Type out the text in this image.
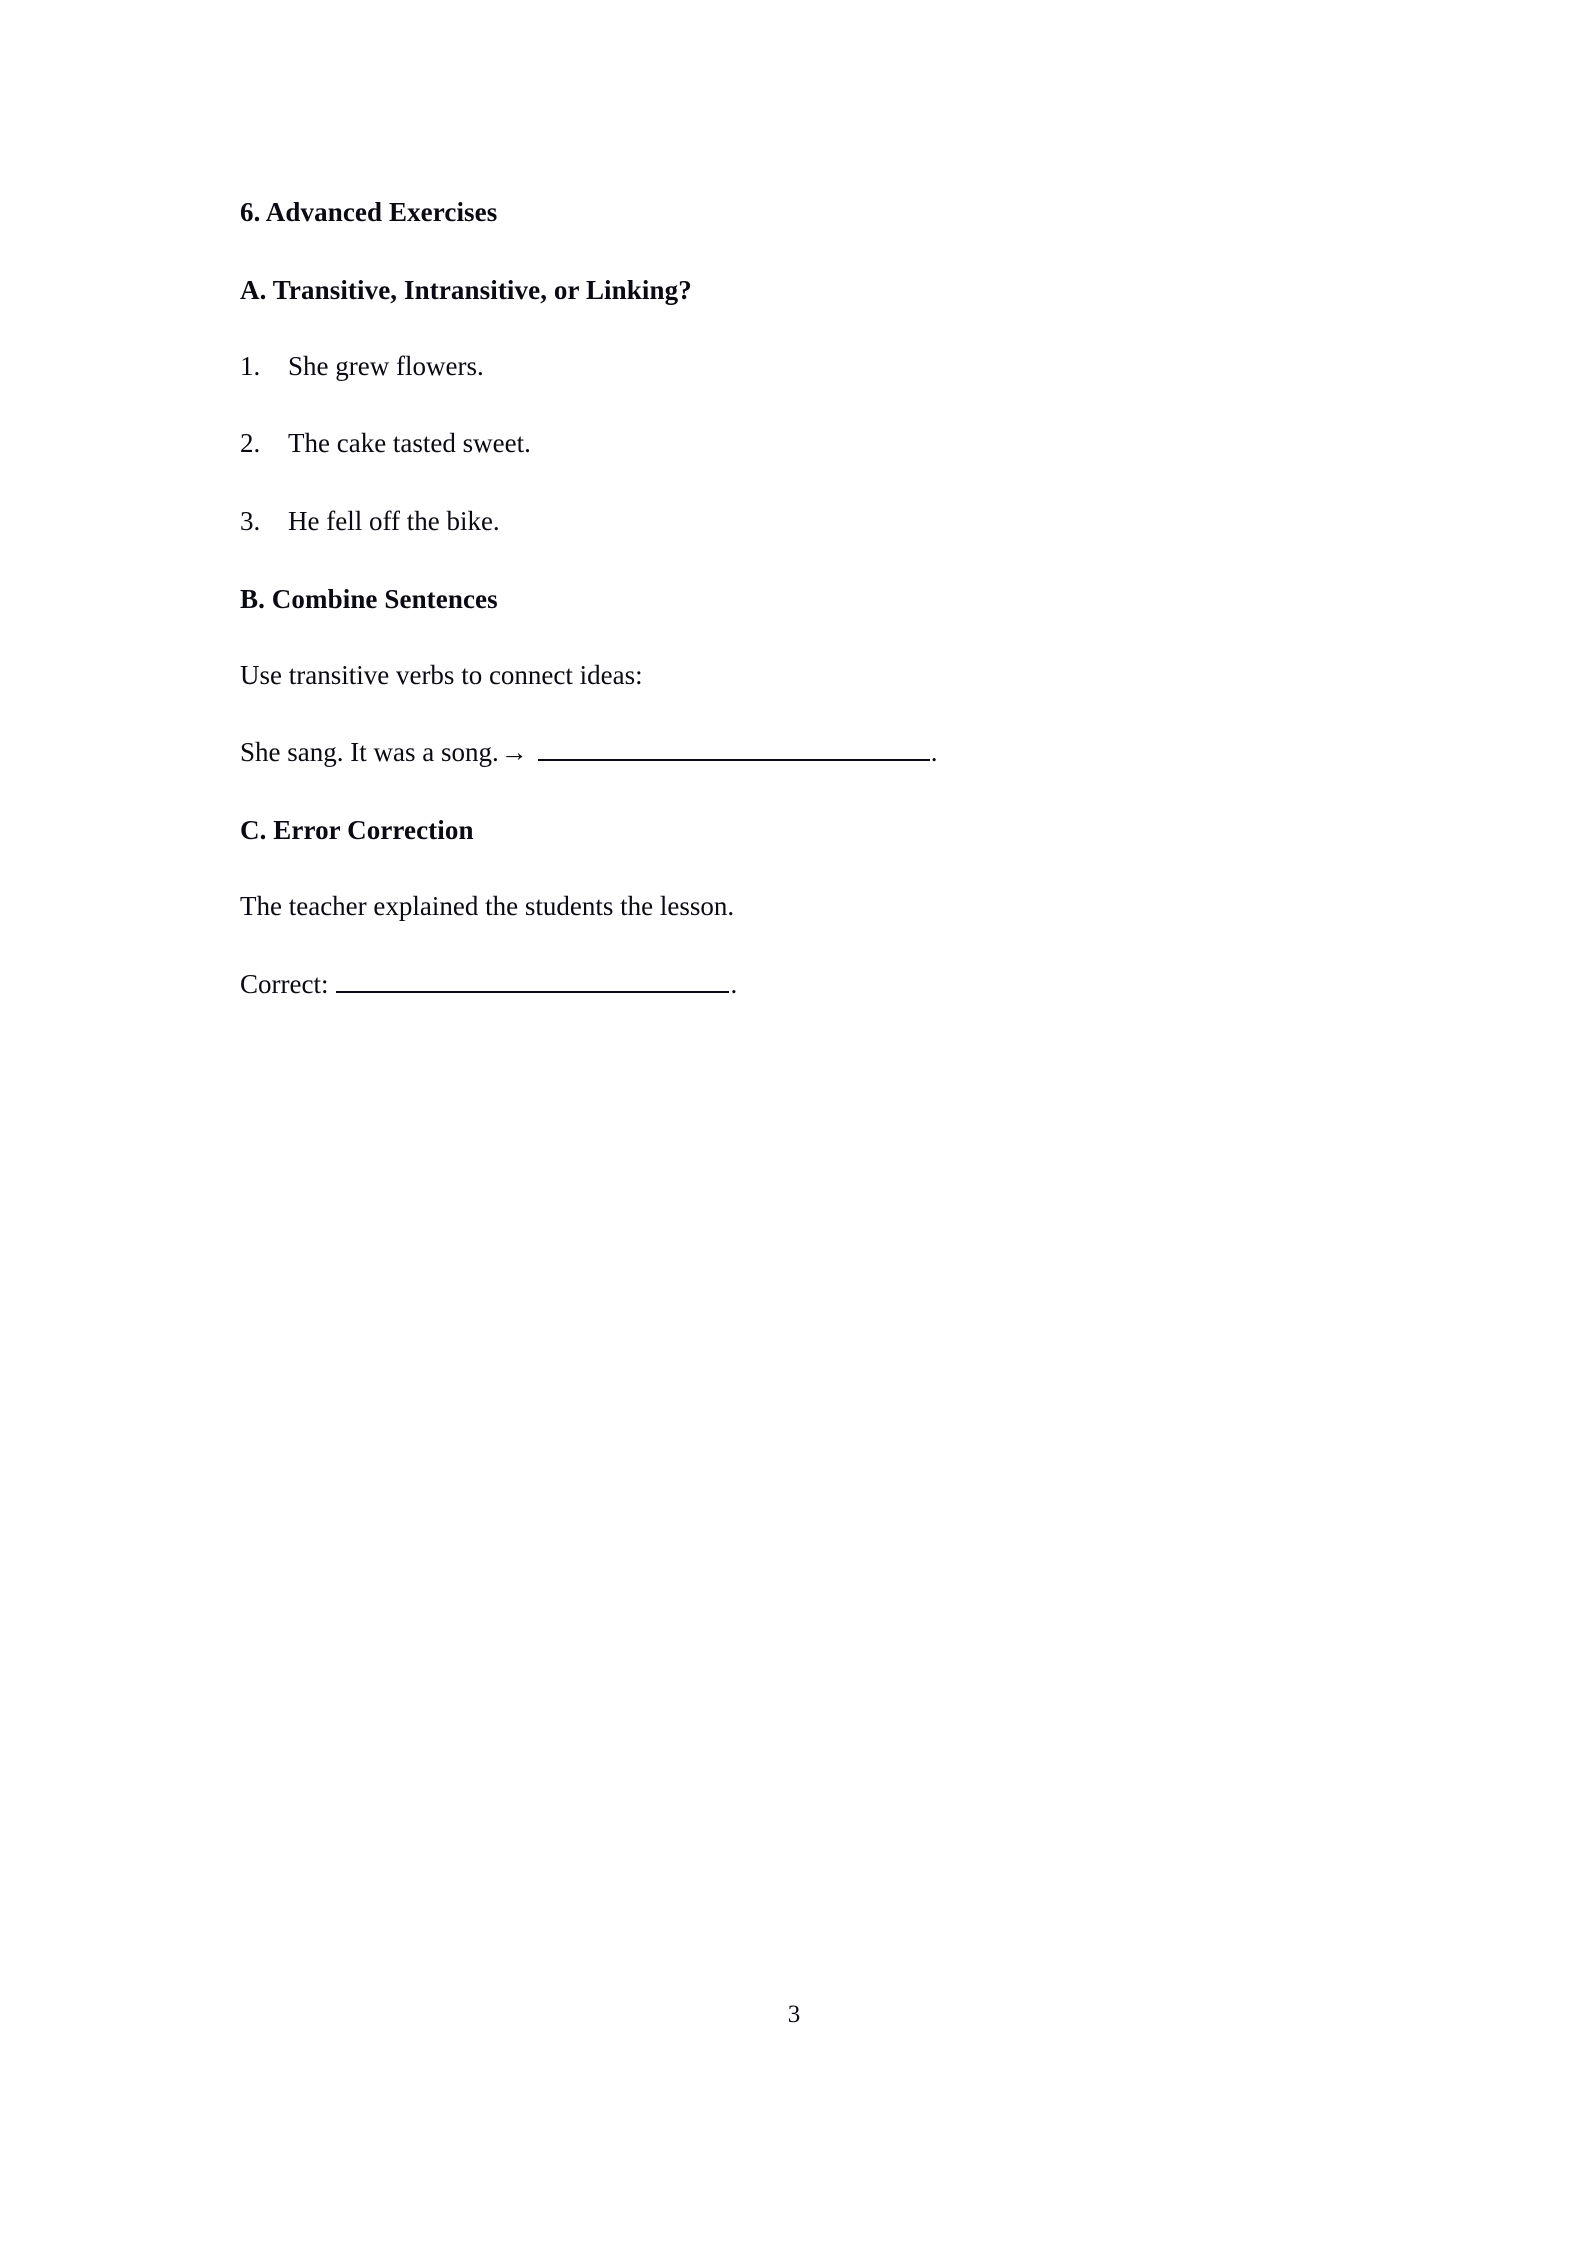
6. Advanced Exercises
A. Transitive, Intransitive, or Linking?
1.	She grew flowers.
2.	The cake tasted sweet.
3.	He fell off the bike.
B. Combine Sentences

Use transitive verbs to connect ideas:

She sang. It was a song. →	.
C. Error Correction

The teacher explained the students the lesson.

Correct:	.
3
